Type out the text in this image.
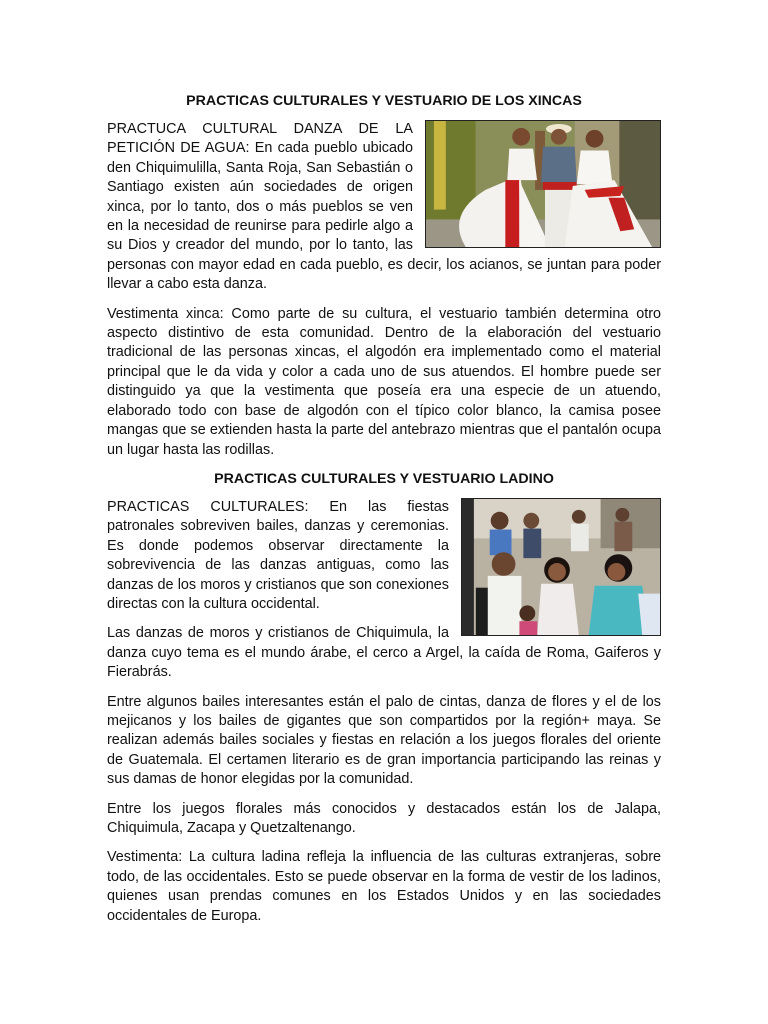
PRACTICAS CULTURALES Y VESTUARIO DE LOS XINCAS

PRACTUCA CULTURAL DANZA DE LA PETICIÓN DE AGUA: En cada pueblo ubicado den Chiquimulilla, Santa Roja, San Sebastián o Santiago existen aún sociedades de origen xinca, por lo tanto, dos o más pueblos se ven en la necesidad de reunirse para pedirle algo a su Dios y creador del mundo, por lo tanto, las personas con mayor edad en cada pueblo, es decir, los acianos, se juntan para poder llevar a cabo esta danza.

Vestimenta xinca: Como parte de su cultura, el vestuario también determina otro aspecto distintivo de esta comunidad. Dentro de la elaboración del vestuario tradicional de las personas xincas, el algodón era implementado como el material principal que le da vida y color a cada uno de sus atuendos. El hombre puede ser distinguido ya que la vestimenta que poseía era una especie de un atuendo, elaborado todo con base de algodón con el típico color blanco, la camisa posee mangas que se extienden hasta la parte del antebrazo mientras que el pantalón ocupa un lugar hasta las rodillas.

PRACTICAS CULTURALES Y VESTUARIO LADINO

PRACTICAS CULTURALES: En las fiestas patronales sobreviven bailes, danzas y ceremonias. Es donde podemos observar directamente la sobrevivencia de las danzas antiguas, como las danzas de los moros y cristianos que son conexiones directas con la cultura occidental.

Las danzas de moros y cristianos de Chiquimula, la danza cuyo tema es el mundo árabe, el cerco a Argel, la caída de Roma, Gaiferos y Fierabrás.

Entre algunos bailes interesantes están el palo de cintas, danza de flores y el de los mejicanos y los bailes de gigantes que son compartidos por la región+ maya. Se realizan además bailes sociales y fiestas en relación a los juegos florales del oriente de Guatemala. El certamen literario es de gran importancia participando las reinas y sus damas de honor elegidas por la comunidad.

Entre los juegos florales más conocidos y destacados están los de Jalapa, Chiquimula, Zacapa y Quetzaltenango.

Vestimenta: La cultura ladina refleja la influencia de las culturas extranjeras, sobre todo, de las occidentales. Esto se puede observar en la forma de vestir de los ladinos, quienes usan prendas comunes en los Estados Unidos y en las sociedades occidentales de Europa.
